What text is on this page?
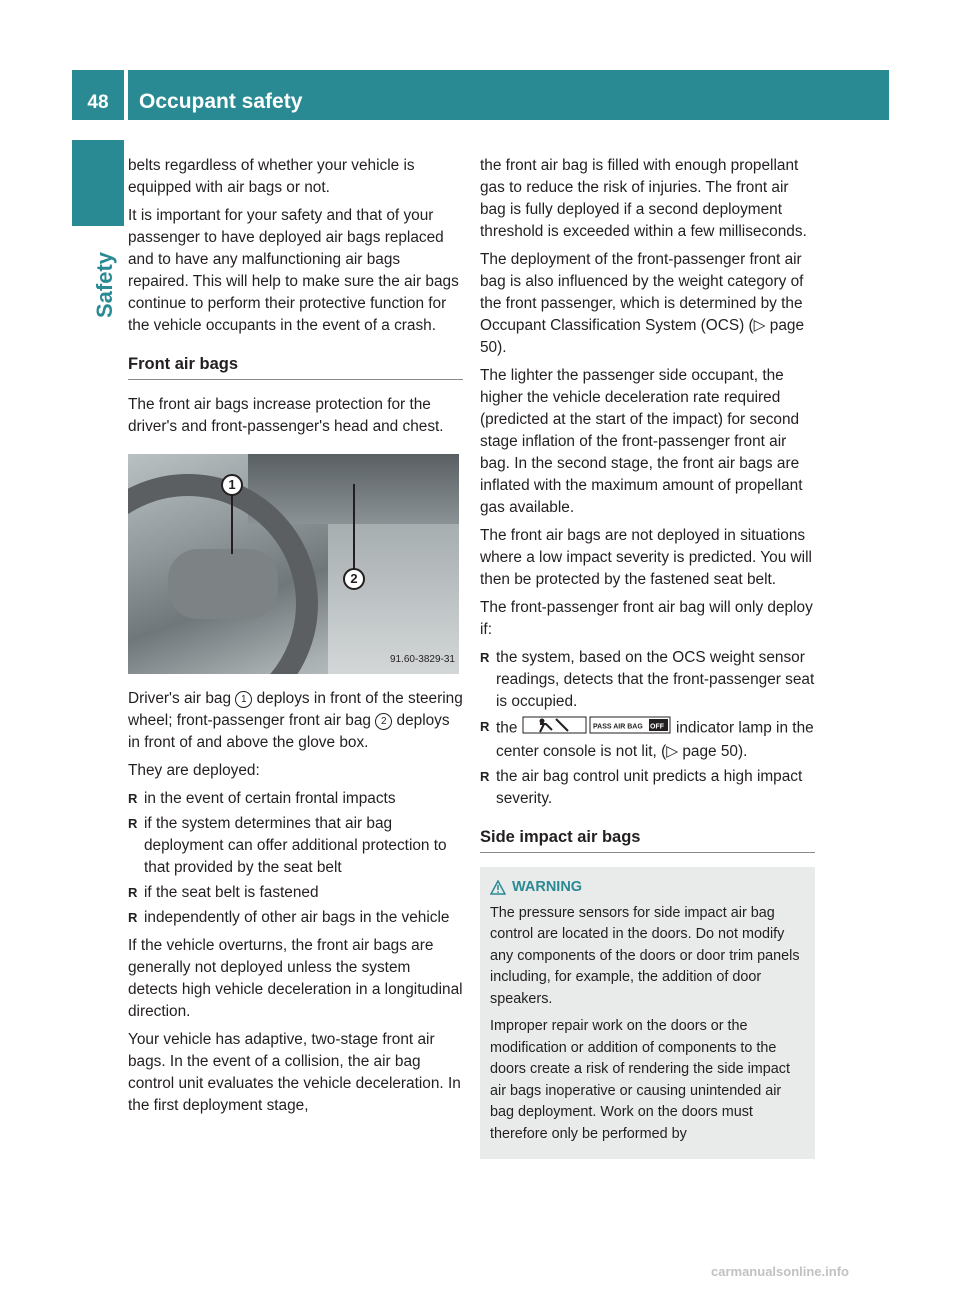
48	Occupant safety
Safety

belts regardless of whether your vehicle is equipped with air bags or not.

It is important for your safety and that of your passenger to have deployed air bags replaced and to have any malfunctioning air bags repaired. This will help to make sure the air bags continue to perform their protective function for the vehicle occupants in the event of a crash.

Front air bags

The front air bags increase protection for the driver's and front-passenger's head and chest.

1
2
91.60-3829-31

Driver's air bag 1 deploys in front of the steering wheel; front-passenger front air bag 2 deploys in front of and above the glove box.

They are deployed:

R in the event of certain frontal impacts
R if the system determines that air bag deployment can offer additional protection to that provided by the seat belt
R if the seat belt is fastened
R independently of other air bags in the vehicle

If the vehicle overturns, the front air bags are generally not deployed unless the system detects high vehicle deceleration in a longitudinal direction.

Your vehicle has adaptive, two-stage front air bags. In the event of a collision, the air bag control unit evaluates the vehicle deceleration. In the first deployment stage,

the front air bag is filled with enough propellant gas to reduce the risk of injuries. The front air bag is fully deployed if a second deployment threshold is exceeded within a few milliseconds.

The deployment of the front-passenger front air bag is also influenced by the weight category of the front passenger, which is determined by the Occupant Classification System (OCS) (▷ page 50).

The lighter the passenger side occupant, the higher the vehicle deceleration rate required (predicted at the start of the impact) for second stage inflation of the front-passenger front air bag. In the second stage, the front air bags are inflated with the maximum amount of propellant gas available.

The front air bags are not deployed in situations where a low impact severity is predicted. You will then be protected by the fastened seat belt.

The front-passenger front air bag will only deploy if:

R the system, based on the OCS weight sensor readings, detects that the front-passenger seat is occupied.
R the	PASS AIR BAG OFF indicator lamp in the center console is not lit, (▷ page 50).
R the air bag control unit predicts a high impact severity.
Side impact air bags
WARNING

The pressure sensors for side impact air bag control are located in the doors. Do not modify any components of the doors or door trim panels including, for example, the addition of door speakers.

Improper repair work on the doors or the modification or addition of components to the doors create a risk of rendering the side impact air bags inoperative or causing unintended air bag deployment. Work on the doors must therefore only be performed by

carmanualsonline.info
